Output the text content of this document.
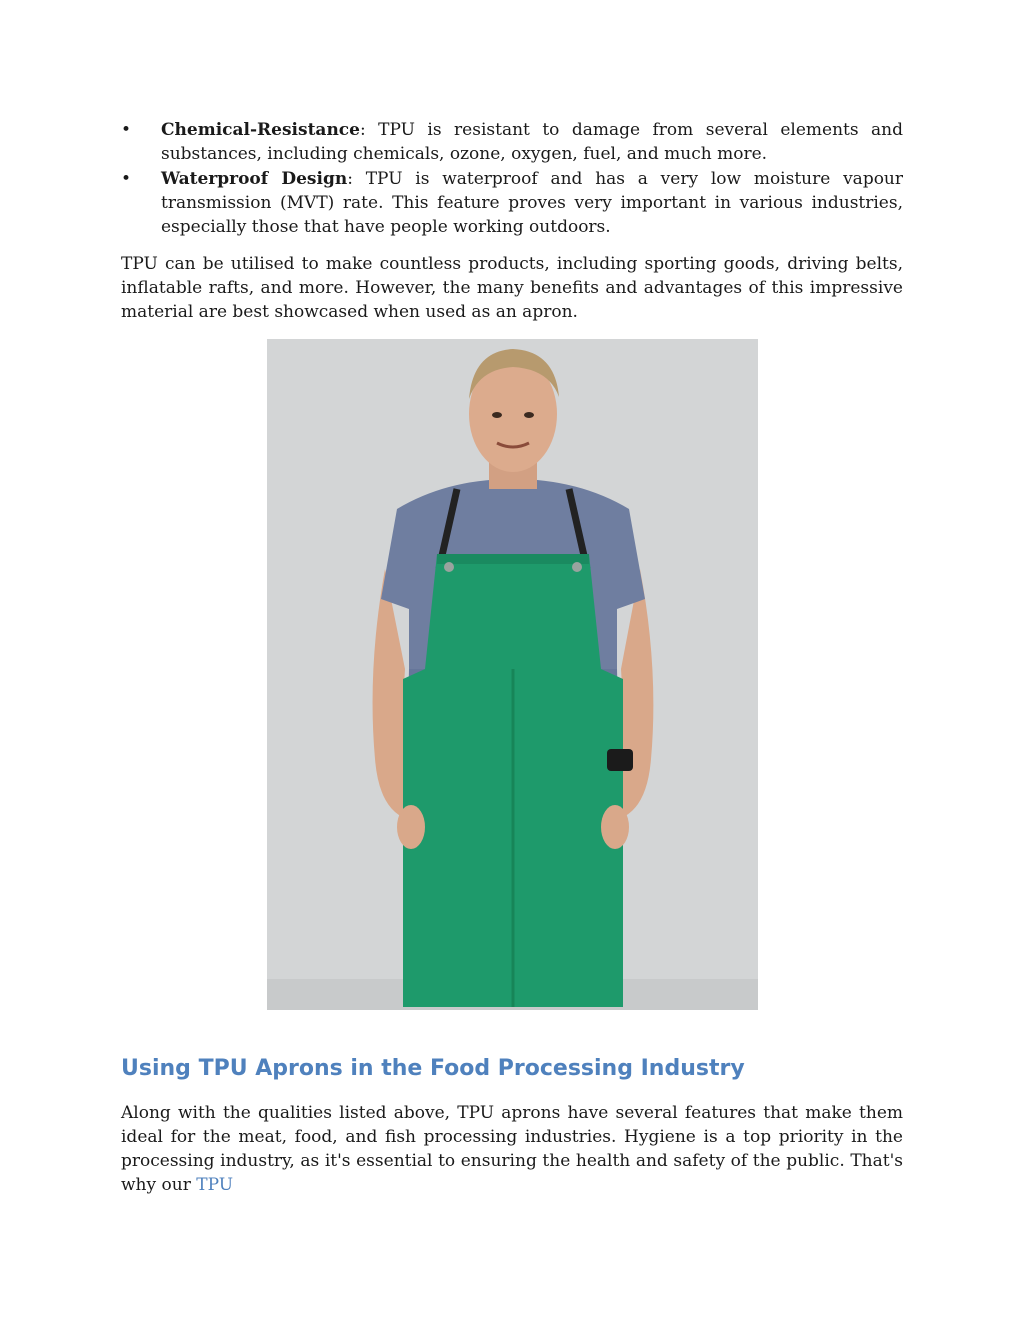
•	Chemical-Resistance: TPU is resistant to damage from several elements and substances, including chemicals, ozone, oxygen, fuel, and much more.
•	Waterproof Design: TPU is waterproof and has a very low moisture vapour transmission (MVT) rate. This feature proves very important in various industries, especially those that have people working outdoors.

TPU can be utilised to make countless products, including sporting goods, driving belts, inflatable rafts, and more. However, the many benefits and advantages of this impressive material are best showcased when used as an apron.

Using TPU Aprons in the Food Processing Industry

Along with the qualities listed above, TPU aprons have several features that make them ideal for the meat, food, and fish processing industries. Hygiene is a top priority in the processing industry, as it's essential to ensuring the health and safety of the public. That's why our TPU
